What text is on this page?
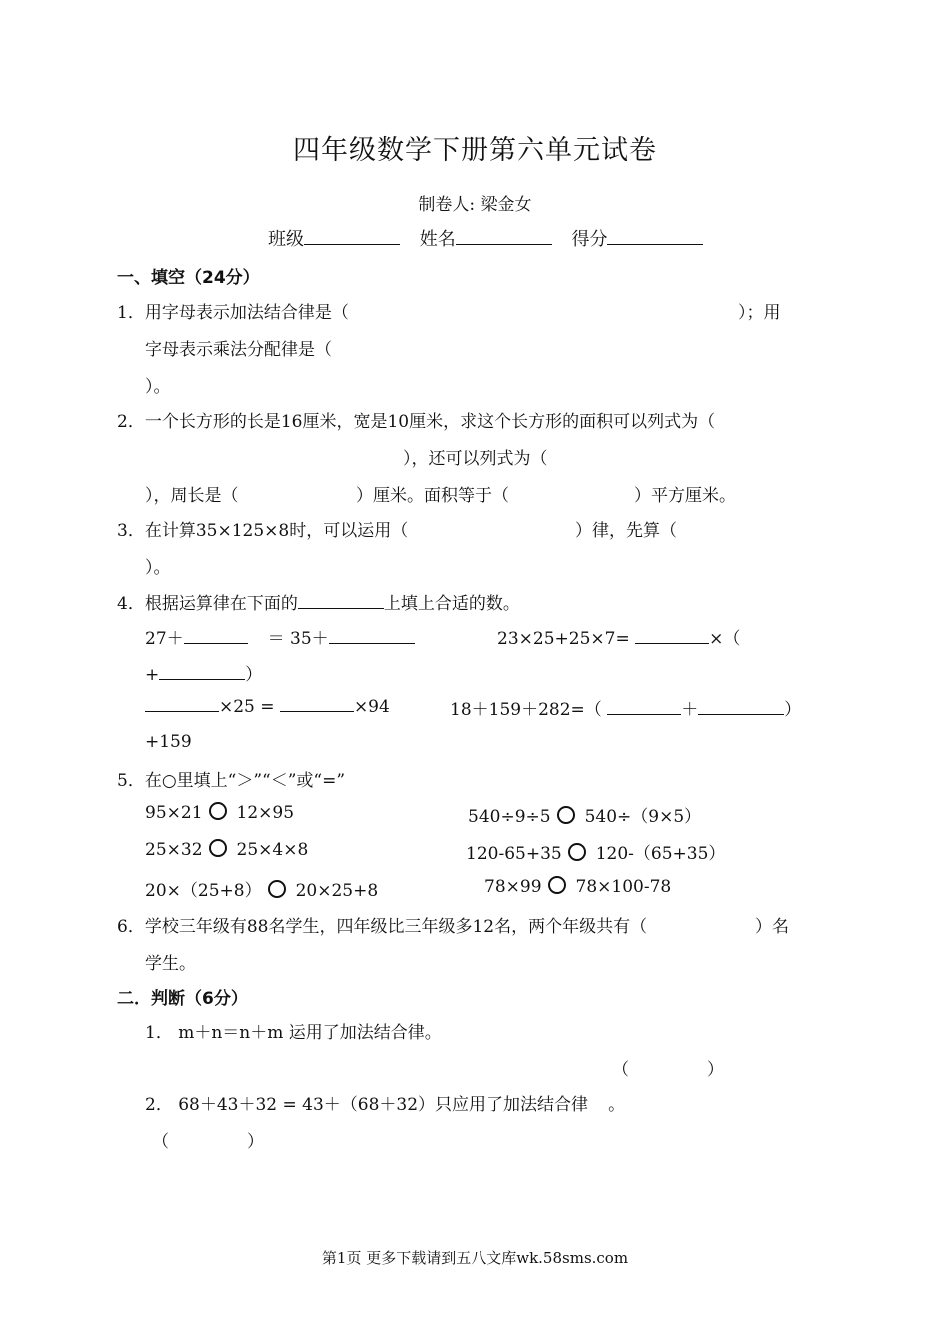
四年级数学下册第六单元试卷
制卷人: 梁金女
班级	姓名	得分
一、填空（24分）
1．用字母表示加法结合律是（	）；用
字母表示乘法分配律是（
）。
2．一个长方形的长是16厘米，宽是10厘米，求这个长方形的面积可以列式为（
），还可以列式为（
），周长是（	）厘米。面积等于（	）平方厘米。
3．在计算35×125×8时，可以运用（	）律，先算（
）。
4．根据运算律在下面的	上填上合适的数。
27＋	＝ 35＋	23×25+25×7=	×（
+	）
×25 =	×94	18＋159＋282=（	＋	）
+159
5．在○里填上“＞”“＜”或“=”
95×21 12×95	540÷9÷5 540÷（9×5）
25×32 25×4×8	120-65+35 120-（65+35）
20×（25+8） 20×25+8	78×99 78×100-78
6．学校三年级有88名学生，四年级比三年级多12名，两个年级共有（	）名
学生。
二．判断（6分）
1． m＋n＝n＋m 运用了加法结合律。
（	）
2． 68＋43＋32 = 43＋（68＋32）只应用了加法结合律 。
（	）
第1页 更多下载请到五八文库wk.58sms.com
